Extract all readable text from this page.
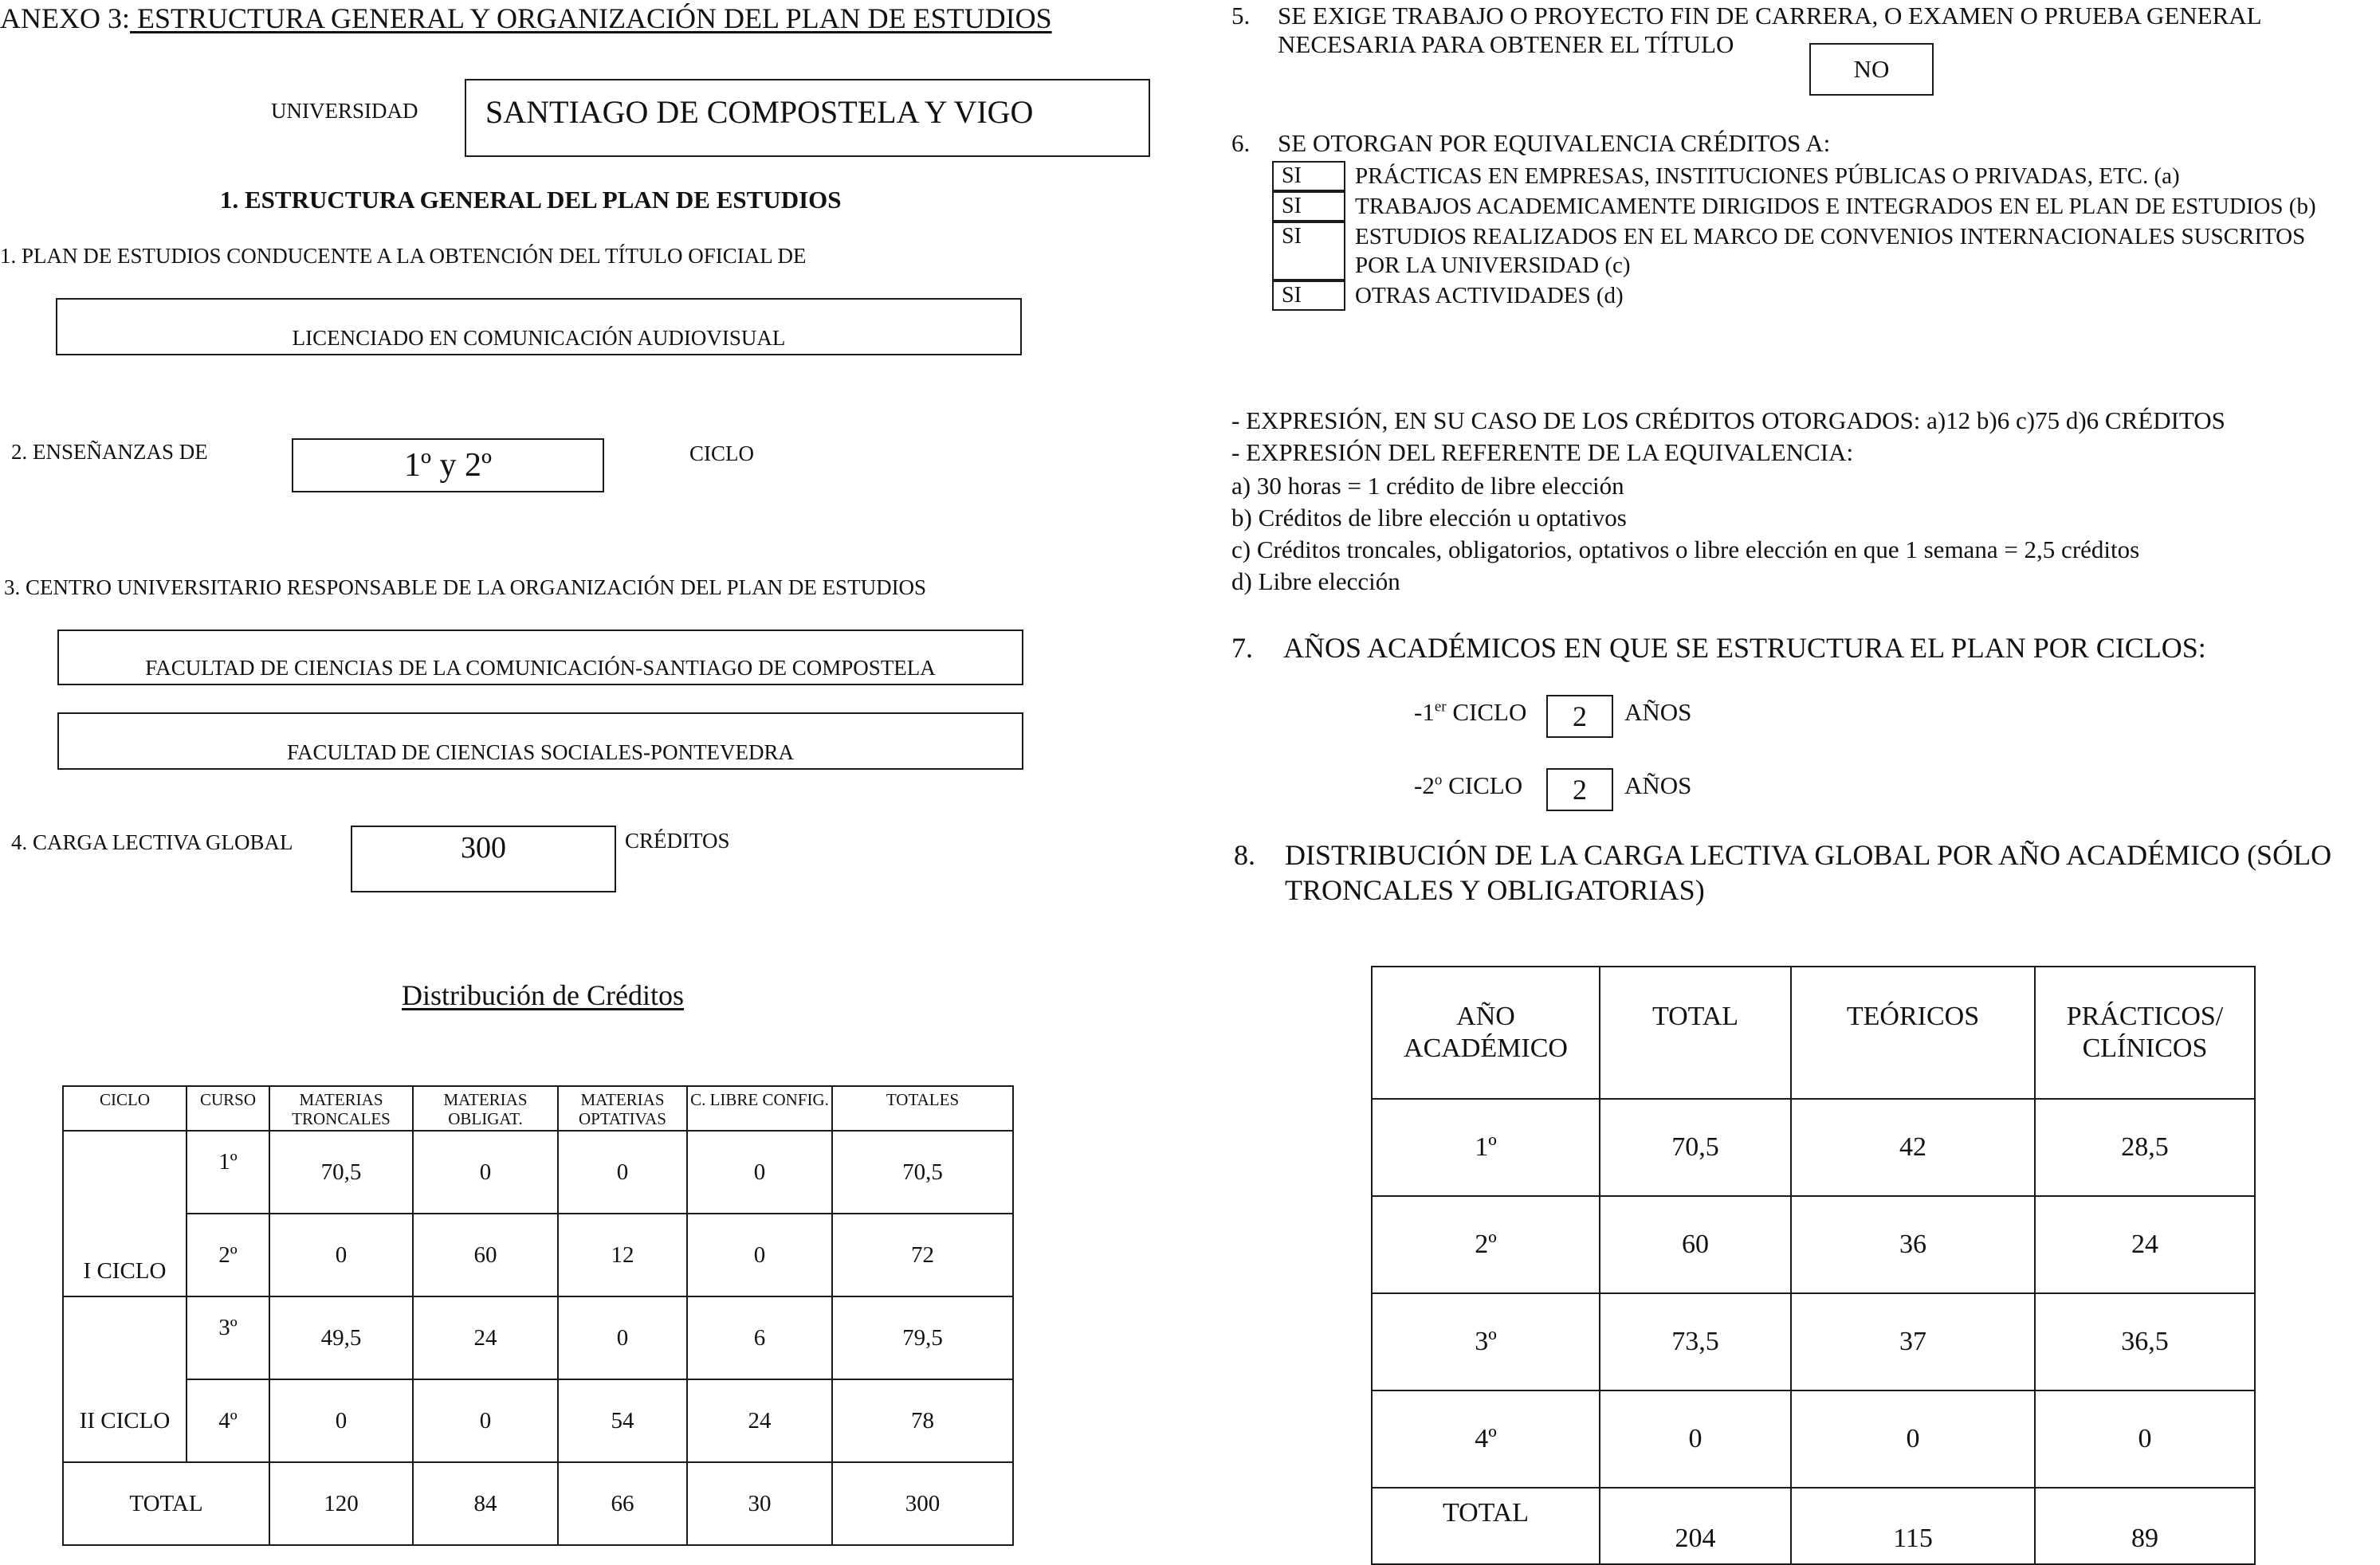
ANEXO 3: ESTRUCTURA GENERAL Y ORGANIZACIÓN DEL PLAN DE ESTUDIOS
UNIVERSIDAD SANTIAGO DE COMPOSTELA Y VIGO
1. ESTRUCTURA GENERAL DEL PLAN DE ESTUDIOS
1. PLAN DE ESTUDIOS CONDUCENTE A LA OBTENCIÓN DEL TÍTULO OFICIAL DE
LICENCIADO EN COMUNICACIÓN AUDIOVISUAL
2. ENSEÑANZAS DE	1º y 2º	CICLO
3. CENTRO UNIVERSITARIO RESPONSABLE DE LA ORGANIZACIÓN DEL PLAN DE ESTUDIOS
FACULTAD DE CIENCIAS DE LA COMUNICACIÓN-SANTIAGO DE COMPOSTELA
FACULTAD DE CIENCIAS SOCIALES-PONTEVEDRA
4. CARGA LECTIVA GLOBAL	300	CRÉDITOS
Distribución de Créditos
CICLO	CURSO	MATERIAS TRONCALES	MATERIAS OBLIGAT.	MATERIAS OPTATIVAS	C. LIBRE CONFIG.	TOTALES
I CICLO	1º	70,5	0	0	0	70,5
	2º	0	60	12	0	72
II CICLO	3º	49,5	24	0	6	79,5
	4º	0	0	54	24	78
TOTAL		120	84	66	30	300
5. SE EXIGE TRABAJO O PROYECTO FIN DE CARRERA, O EXAMEN O PRUEBA GENERAL
NECESARIA PARA OBTENER EL TÍTULO
NO
6. SE OTORGAN POR EQUIVALENCIA CRÉDITOS A:
SI	PRÁCTICAS EN EMPRESAS, INSTITUCIONES PÚBLICAS O PRIVADAS, ETC. (a)
SI	TRABAJOS ACADEMICAMENTE DIRIGIDOS E INTEGRADOS EN EL PLAN DE ESTUDIOS (b)
SI	ESTUDIOS REALIZADOS EN EL MARCO DE CONVENIOS INTERNACIONALES SUSCRITOS
POR LA UNIVERSIDAD (c)
SI	OTRAS ACTIVIDADES (d)
- EXPRESIÓN, EN SU CASO DE LOS CRÉDITOS OTORGADOS: a)12 b)6 c)75 d)6 CRÉDITOS
- EXPRESIÓN DEL REFERENTE DE LA EQUIVALENCIA:
a) 30 horas = 1 crédito de libre elección
b) Créditos de libre elección u optativos
c) Créditos troncales, obligatorios, optativos o libre elección en que 1 semana = 2,5 créditos
d) Libre elección
7. AÑOS ACADÉMICOS EN QUE SE ESTRUCTURA EL PLAN POR CICLOS:
-1er CICLO 2 AÑOS
-2$^o$ CICLO 2 AÑOS
8. DISTRIBUCIÓN DE LA CARGA LECTIVA GLOBAL POR AÑO ACADÉMICO (SÓLO
TRONCALES Y OBLIGATORIAS)
AÑO ACADÉMICO	TOTAL	TEÓRICOS	PRÁCTICOS/ CLÍNICOS
1º	70,5	42	28,5
2º	60	36	24
3º	73,5	37	36,5
4º	0	0	0
TOTAL	204	115	89
